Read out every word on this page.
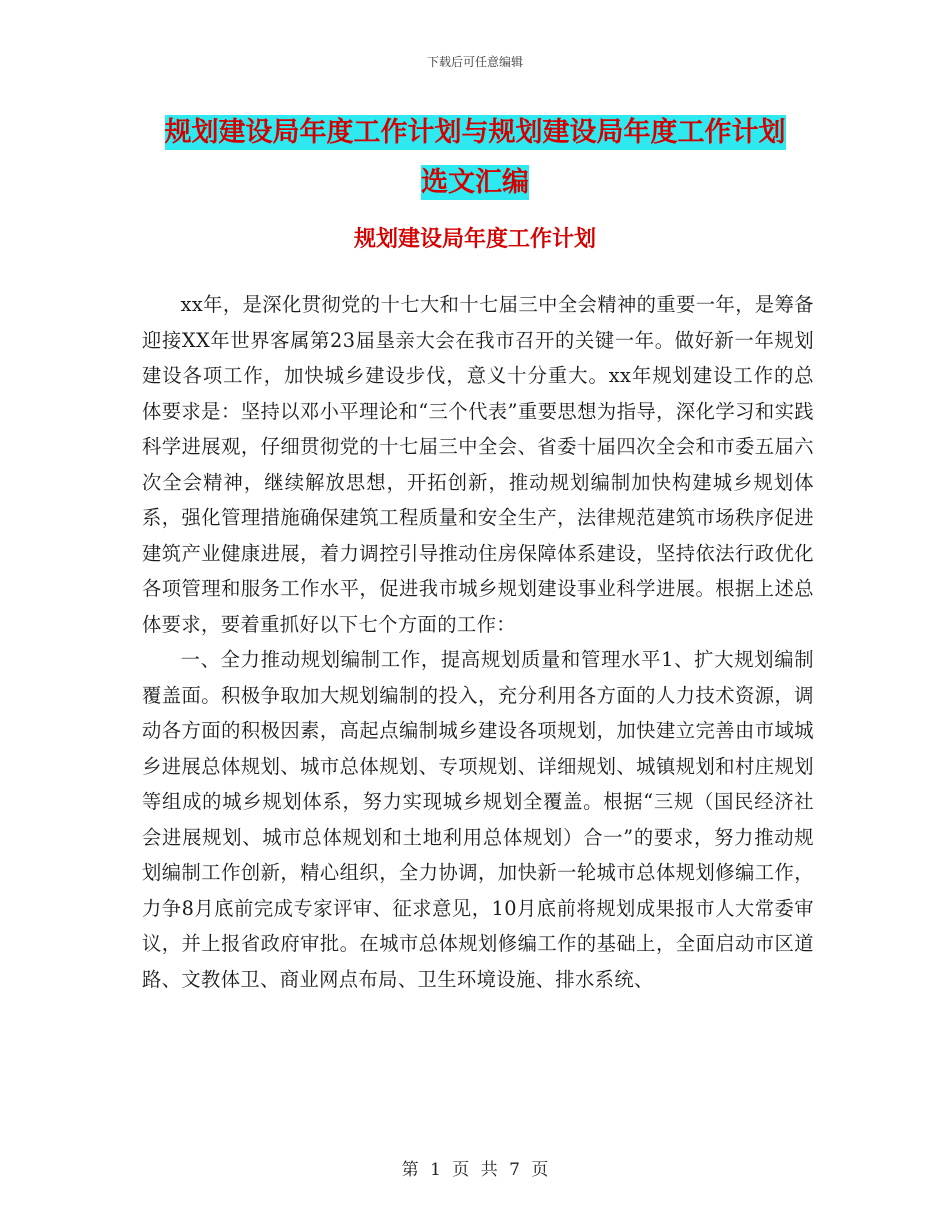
下载后可任意编辑
规划建设局年度工作计划与规划建设局年度工作计划
选文汇编
规划建设局年度工作计划

xx年，是深化贯彻党的十七大和十七届三中全会精神的重要一年，是筹备迎接XX年世界客属第23届垦亲大会在我市召开的关键一年。做好新一年规划建设各项工作，加快城乡建设步伐，意义十分重大。xx年规划建设工作的总体要求是：坚持以邓小平理论和“三个代表”重要思想为指导，深化学习和实践科学进展观，仔细贯彻党的十七届三中全会、省委十届四次全会和市委五届六次全会精神，继续解放思想，开拓创新，推动规划编制加快构建城乡规划体系，强化管理措施确保建筑工程质量和安全生产，法律规范建筑市场秩序促进建筑产业健康进展，着力调控引导推动住房保障体系建设，坚持依法行政优化各项管理和服务工作水平，促进我市城乡规划建设事业科学进展。根据上述总体要求，要着重抓好以下七个方面的工作：

一、全力推动规划编制工作，提高规划质量和管理水平1、扩大规划编制覆盖面。积极争取加大规划编制的投入，充分利用各方面的人力技术资源，调动各方面的积极因素，高起点编制城乡建设各项规划，加快建立完善由市域城乡进展总体规划、城市总体规划、专项规划、详细规划、城镇规划和村庄规划等组成的城乡规划体系，努力实现城乡规划全覆盖。根据“三规（国民经济社会进展规划、城市总体规划和土地利用总体规划）合一”的要求，努力推动规划编制工作创新，精心组织，全力协调，加快新一轮城市总体规划修编工作，力争8月底前完成专家评审、征求意见，10月底前将规划成果报市人大常委审议，并上报省政府审批。在城市总体规划修编工作的基础上，全面启动市区道路、文教体卫、商业网点布局、卫生环境设施、排水系统、

第 1 页 共 7 页
